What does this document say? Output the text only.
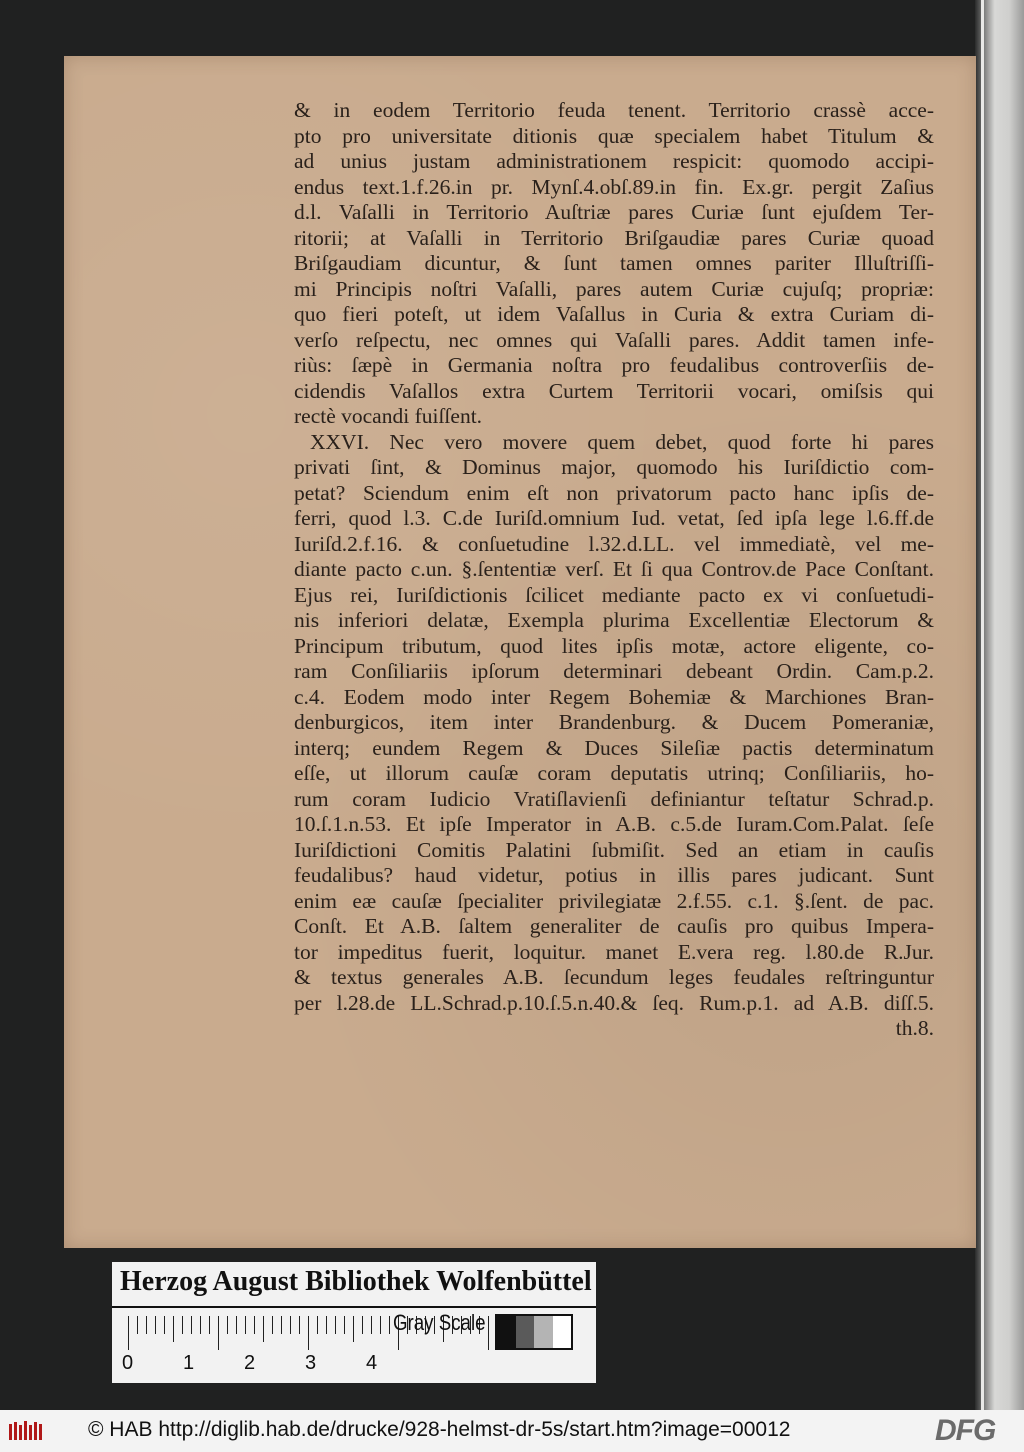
& in eodem Territorio feuda tenent. Territorio crassè acce-
pto pro universitate ditionis quæ specialem habet Titulum &
ad unius justam administrationem respicit: quomodo accipi-
endus text.1.f.26.in pr. Mynſ.4.obſ.89.in fin. Ex.gr. pergit Zaſius
d.l. Vaſalli in Territorio Auſtriæ pares Curiæ ſunt ejuſdem Ter-
ritorii; at Vaſalli in Territorio Briſgaudiæ pares Curiæ quoad
Briſgaudiam dicuntur, & ſunt tamen omnes pariter Illuſtriſſi-
mi Principis noſtri Vaſalli, pares autem Curiæ cujuſq; propriæ:
quo fieri poteſt, ut idem Vaſallus in Curia & extra Curiam di-
verſo reſpectu, nec omnes qui Vaſalli pares. Addit tamen infe-
riùs: ſæpè in Germania noſtra pro feudalibus controverſiis de-
cidendis Vaſallos extra Curtem Territorii vocari, omiſsis qui
rectè vocandi fuiſſent.
XXVI. Nec vero movere quem debet, quod forte hi pares
privati ſint, & Dominus major, quomodo his Iuriſdictio com-
petat? Sciendum enim eſt non privatorum pacto hanc ipſis de-
ferri, quod l.3. C.de Iuriſd.omnium Iud. vetat, ſed ipſa lege l.6.ff.de
Iuriſd.2.f.16. & conſuetudine l.32.d.LL. vel immediatè, vel me-
diante pacto c.un. §.ſententiæ verſ. Et ſi qua Controv.de Pace Conſtant.
Ejus rei, Iuriſdictionis ſcilicet mediante pacto ex vi conſuetudi-
nis inferiori delatæ, Exempla plurima Excellentiæ Electorum &
Principum tributum, quod lites ipſis motæ, actore eligente, co-
ram Conſiliariis ipſorum determinari debeant Ordin. Cam.p.2.
c.4. Eodem modo inter Regem Bohemiæ & Marchiones Bran-
denburgicos, item inter Brandenburg. & Ducem Pomeraniæ,
interq; eundem Regem & Duces Sileſiæ pactis determinatum
eſſe, ut illorum cauſæ coram deputatis utrinq; Conſiliariis, ho-
rum coram Iudicio Vratiſlavienſi definiantur teſtatur Schrad.p.
10.ſ.1.n.53. Et ipſe Imperator in A.B. c.5.de Iuram.Com.Palat. ſeſe
Iuriſdictioni Comitis Palatini ſubmiſit. Sed an etiam in cauſis
feudalibus? haud videtur, potius in illis pares judicant. Sunt
enim eæ cauſæ ſpecialiter privilegiatæ 2.f.55. c.1. §.ſent. de pac.
Conſt. Et A.B. ſaltem generaliter de cauſis pro quibus Impera-
tor impeditus fuerit, loquitur. manet E.vera reg. l.80.de R.Jur.
& textus generales A.B. ſecundum leges feudales reſtringuntur
per l.28.de LL.Schrad.p.10.ſ.5.n.40.& ſeq. Rum.p.1. ad A.B. diſſ.5.
th.8.
Herzog August Bibliothek Wolfenbüttel
0 1 2 3 4
Gray Scale
© HAB http://diglib.hab.de/drucke/928-helmst-dr-5s/start.htm?image=00012	DFG
